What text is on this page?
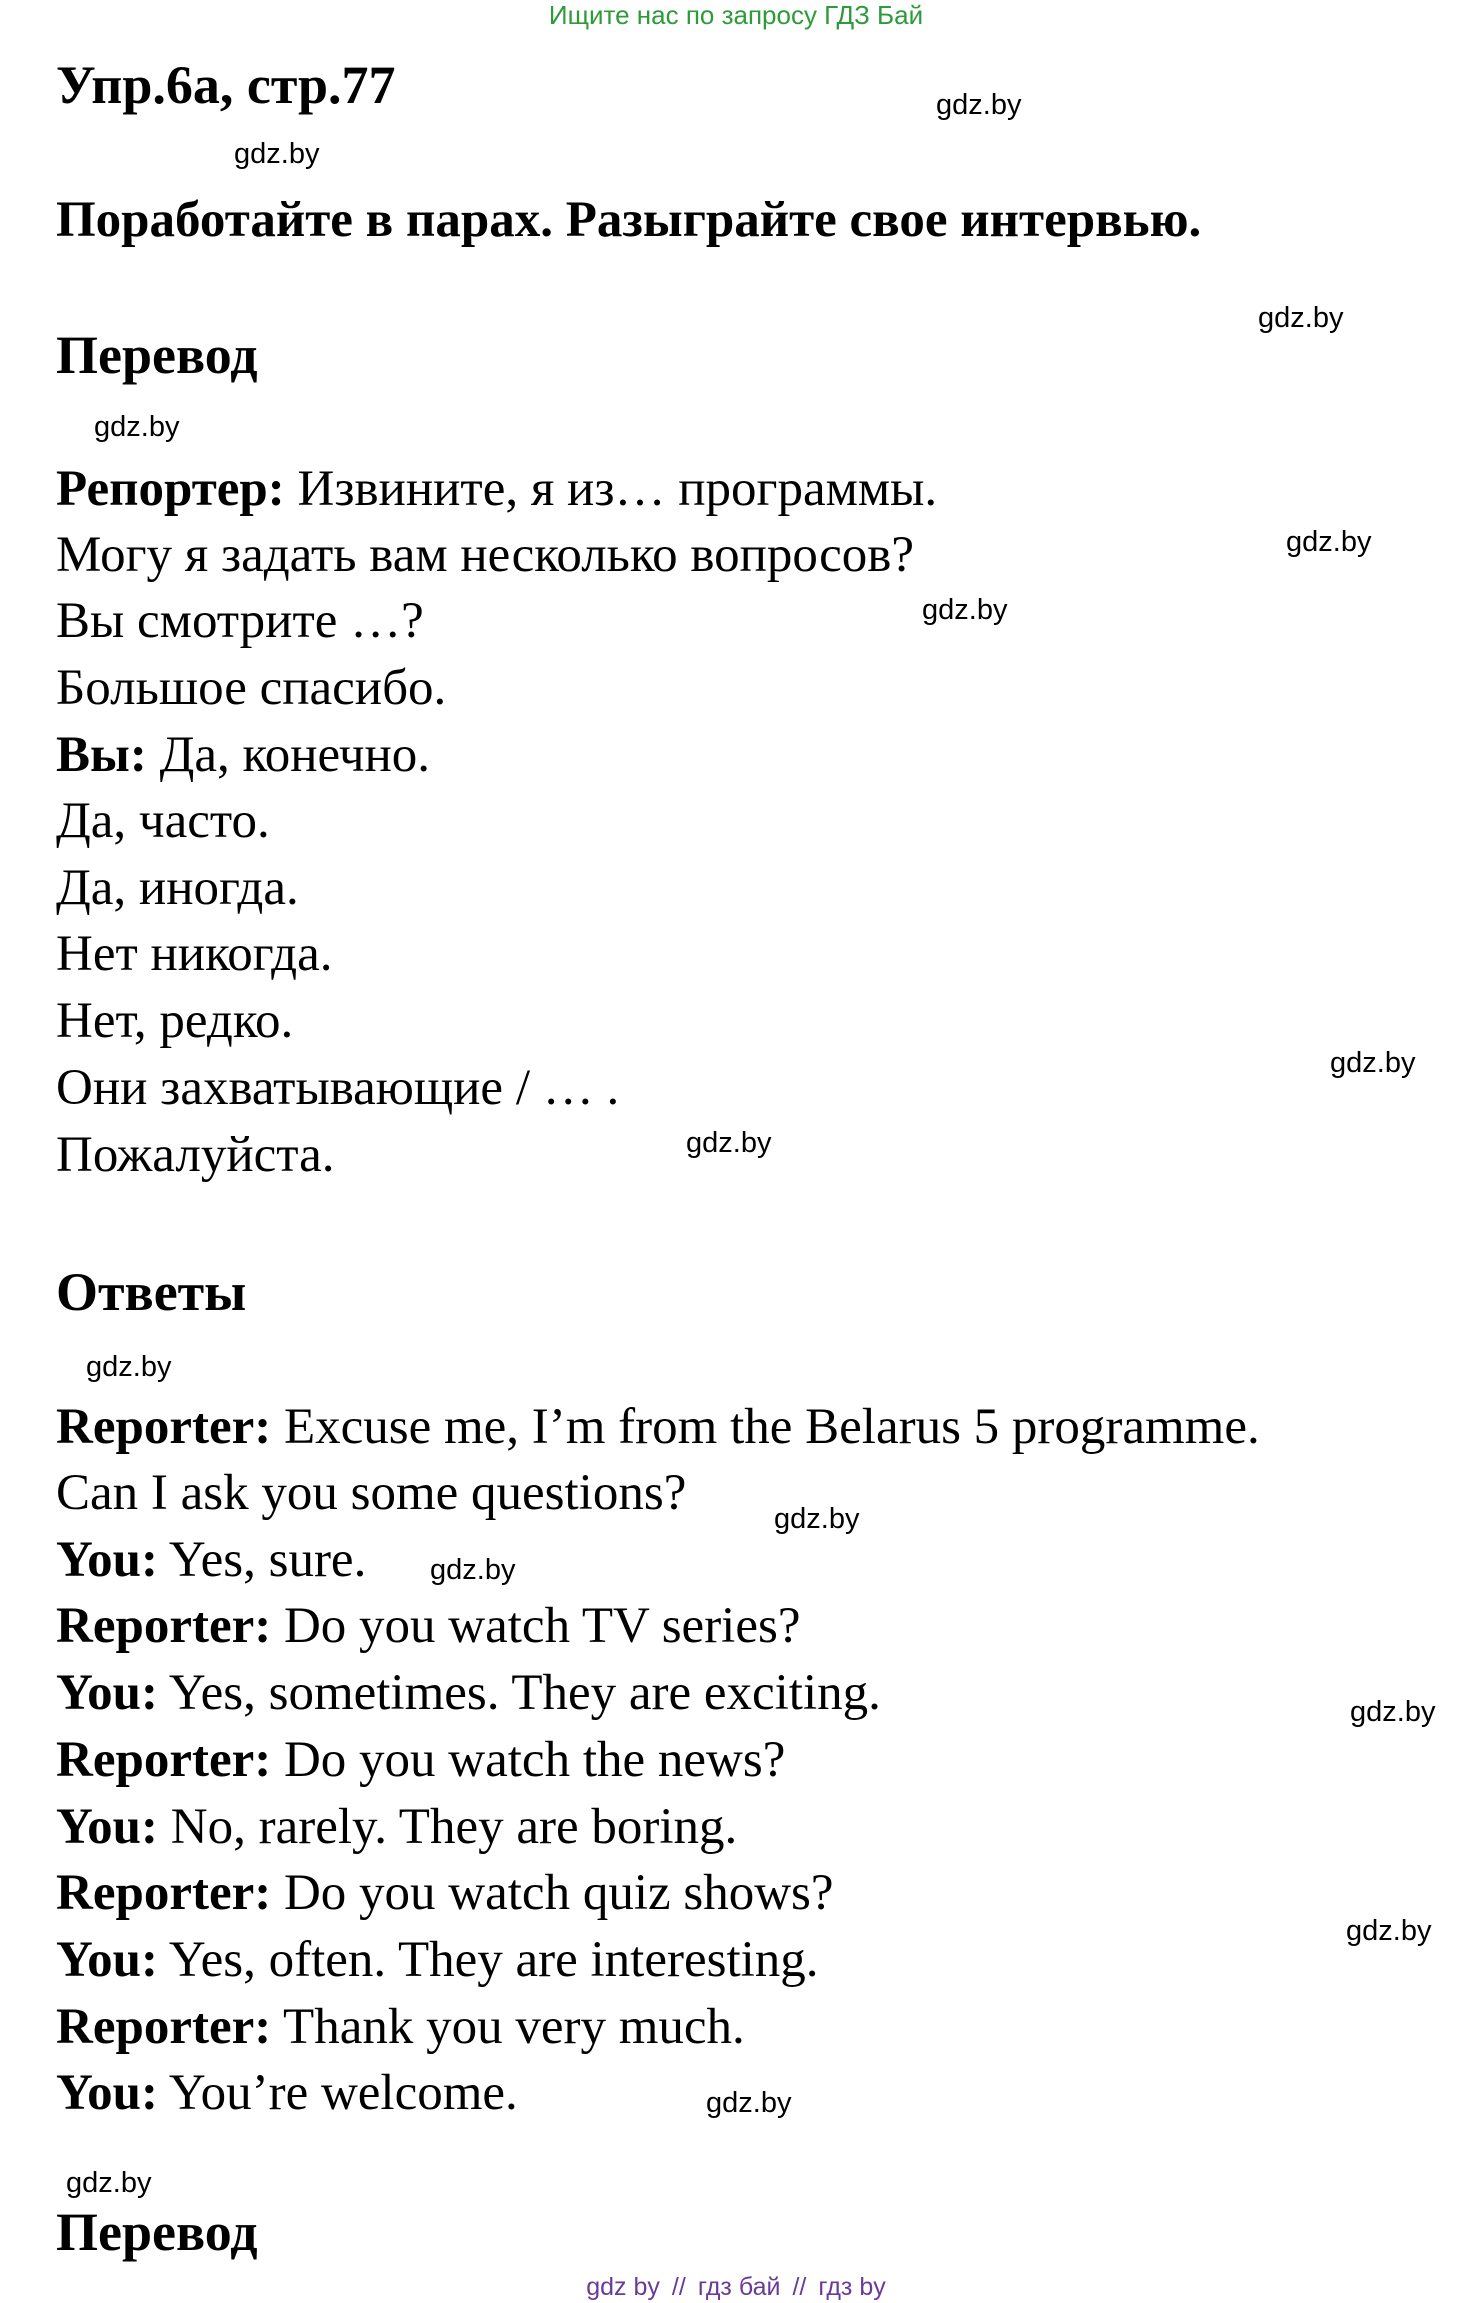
Ищите нас по запросу ГДЗ Бай
Упр.6а, стр.77
Поработайте в парах. Разыграйте свое интервью.
Перевод
Репортер: Извините, я из… программы.
Могу я задать вам несколько вопросов?
Вы смотрите …?
Большое спасибо.
Вы: Да, конечно.
Да, часто.
Да, иногда.
Нет никогда.
Нет, редко.
Они захватывающие / … .
Пожалуйста.
Ответы
Reporter: Excuse me, I’m from the Belarus 5 programme.
Can I ask you some questions?
You: Yes, sure.
Reporter: Do you watch TV series?
You: Yes, sometimes. They are exciting.
Reporter: Do you watch the news?
You: No, rarely. They are boring.
Reporter: Do you watch quiz shows?
You: Yes, often. They are interesting.
Reporter: Thank you very much.
You: You’re welcome.
Перевод
gdz.by
gdz.by
gdz.by
gdz.by
gdz.by
gdz.by
gdz.by
gdz.by
gdz.by
gdz.by
gdz.by
gdz.by
gdz.by
gdz.by
gdz.by
gdz by // гдз бай // гдз by
